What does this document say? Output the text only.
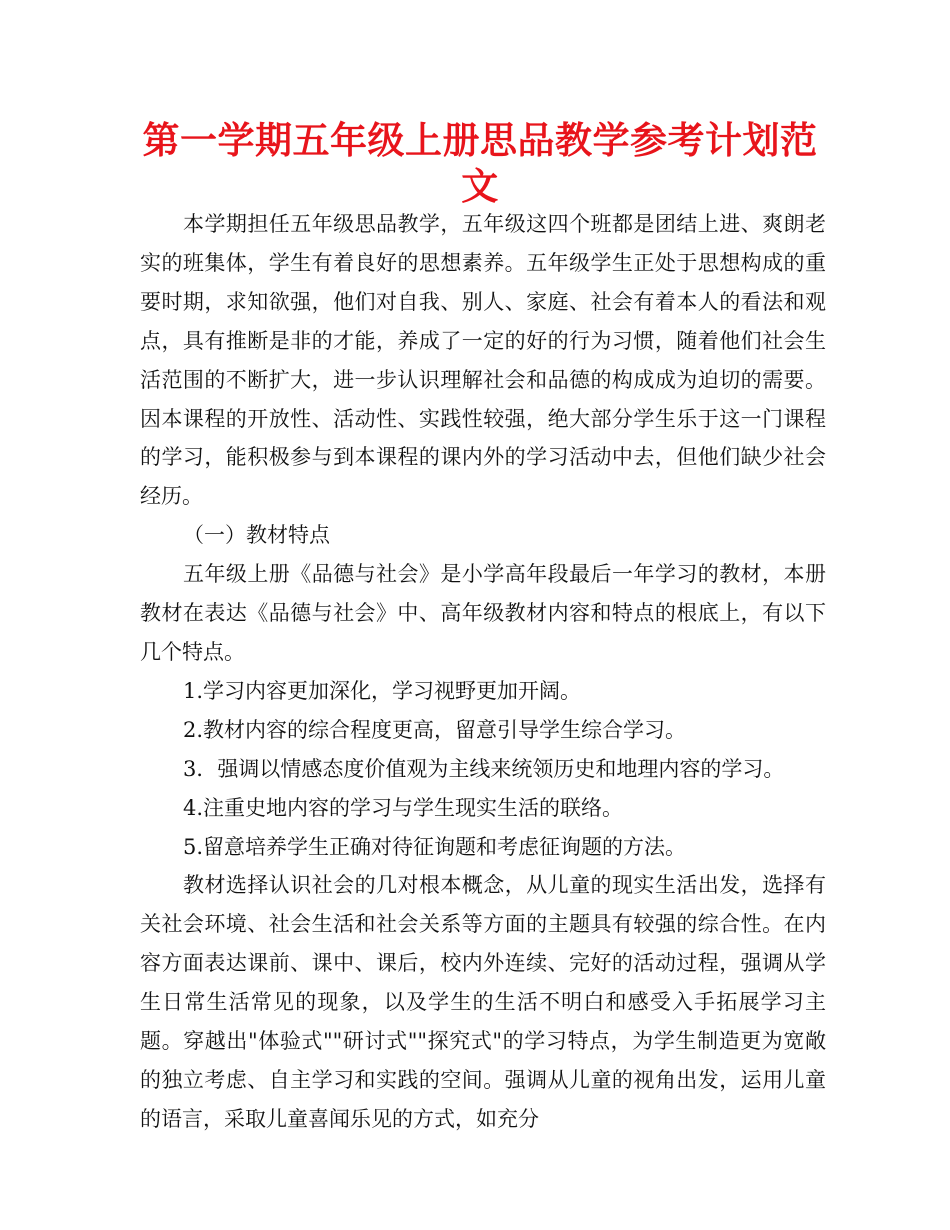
第一学期五年级上册思品教学参考计划范文

本学期担任五年级思品教学，五年级这四个班都是团结上进、爽朗老实的班集体，学生有着良好的思想素养。五年级学生正处于思想构成的重要时期，求知欲强，他们对自我、别人、家庭、社会有着本人的看法和观点，具有推断是非的才能，养成了一定的好的行为习惯，随着他们社会生活范围的不断扩大，进一步认识理解社会和品德的构成成为迫切的需要。因本课程的开放性、活动性、实践性较强，绝大部分学生乐于这一门课程的学习，能积极参与到本课程的课内外的学习活动中去，但他们缺少社会经历。

（一）教材特点

五年级上册《品德与社会》是小学高年段最后一年学习的教材，本册教材在表达《品德与社会》中、高年级教材内容和特点的根底上，有以下几个特点。

1.学习内容更加深化，学习视野更加开阔。

2.教材内容的综合程度更高，留意引导学生综合学习。

3．强调以情感态度价值观为主线来统领历史和地理内容的学习。

4.注重史地内容的学习与学生现实生活的联络。

5.留意培养学生正确对待征询题和考虑征询题的方法。

教材选择认识社会的几对根本概念，从儿童的现实生活出发，选择有关社会环境、社会生活和社会关系等方面的主题具有较强的综合性。在内容方面表达课前、课中、课后，校内外连续、完好的活动过程，强调从学生日常生活常见的现象，以及学生的生活不明白和感受入手拓展学习主题。穿越出"体验式""研讨式""探究式"的学习特点，为学生制造更为宽敞的独立考虑、自主学习和实践的空间。强调从儿童的视角出发，运用儿童的语言，采取儿童喜闻乐见的方式，如充分
